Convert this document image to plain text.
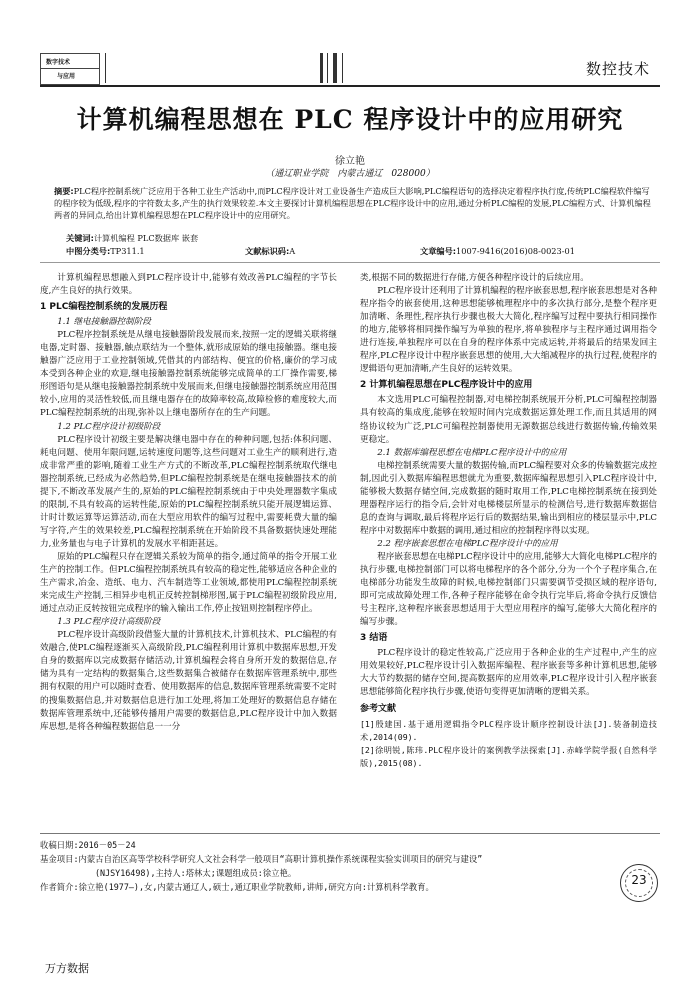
数字技术
与应用	数控技术
计算机编程思想在 PLC 程序设计中的应用研究
徐立艳
（通辽职业学院　内蒙古通辽　028000）
摘要:PLC程序控制系统广泛应用于各种工业生产活动中,而PLC程序设计对工业设备生产造成巨大影响,PLC编程语句的选择决定着程序执行度,传统PLC编程软件编写的程序较为低级,程序的字符数太多,产生的执行效果较差.本文主要探讨计算机编程思想在PLC程序设计中的应用,通过分析PLC编程的发展,PLC编程方式、计算机编程两者的异同点,给出计算机编程思想在PLC程序设计中的应用研究。
关键词:计算机编程 PLC数据库 嵌套
中图分类号:TP311.1	文献标识码:A	文章编号:1007-9416(2016)08-0023-01

计算机编程思想融入到PLC程序设计中,能够有效改善PLC编程的字节长度,产生良好的执行效果。

1 PLC编程控制系统的发展历程

1.1 继电接触器控制阶段

PLC程序控制系统是从继电接触器阶段发展而来,按照一定的逻辑关联将继电器,定时器、接触器,触点联结为一个整体,就形成原始的继电接触器。继电接触器广泛应用于工业控制领域,凭借其的内部结构、便宜的价格,廉价的学习成本受到各种企业的欢迎,继电接触器控制系统能够完成简单的工厂操作需要,梯形图语句是从继电接触器控制系统中发展而来,但继电接触器控制系统应用范围较小,应用的灵活性较低,而且继电器存在的故障率较高,故障检修的难度较大,而PLC编程控制系统的出现,弥补以上继电器所存在的生产问题。

1.2 PLC程序设计初级阶段

PLC程序设计初级主要是解决继电器中存在的种种问题,包括:体积问题、耗电问题、使用年限问题,运转速度问题等,这些问题对工业生产的顺利进行,造成非常严重的影响,随着工业生产方式的不断改革,PLC编程控制系统取代继电器控制系统,已经成为必然趋势,但PLC编程控制系统是在继电接触器技术的前提下,不断改革发展产生的,原始的PLC编程控制系统由于中央处理器数字集成的限制,不具有较高的运转性能,原始的PLC编程控制系统只能开展逻辑运算、计时计数运算等运算活动,而在大型应用软件的编写过程中,需要耗费大量的编写字符,产生的效果较差,PLC编程控制系统在开始阶段不具备数据快速处理能力,业务量也与电子计算机的发展水平相距甚远。

原始的PLC编程只存在逻辑关系较为简单的指令,通过简单的指令开展工业生产的控制工作。但PLC编程控制系统具有较高的稳定性,能够适应各种企业的生产需求,冶金、造纸、电力、汽车制造等工业领域,都使用PLC编程控制系统来完成生产控制,三相异步电机正反转控制梯形图,属于PLC编程初级阶段应用,通过点动正反转按钮完成程序的输入输出工作,停止按钮则控制程序停止。

1.3 PLC程序设计高级阶段

PLC程序设计高级阶段借鉴大量的计算机技术,计算机技术、PLC编程的有效融合,使PLC编程逐渐买入高级阶段,PLC编程利用计算机中数据库思想,开发自身的数据库以完成数据存储活动,计算机编程会将自身所开发的数据信息,存储为具有一定结构的数据集合,这些数据集合被储存在数据库管理系统中,那些拥有权限的用户可以随时查看、使用数据库的信息,数据库管理系统需要不定时的搜集数据信息,并对数据信息进行加工处理,将加工处理好的数据信息存储在数据库管理系统中,还能够传播用户需要的数据信息,PLC程序设计中加入数据库思想,是将各种编程数据信息一一分

类,根据不同的数据进行存储,方便各种程序设计的后续应用。

PLC程序设计还利用了计算机编程的程序嵌套思想,程序嵌套思想是对各种程序指令的嵌套使用,这种思想能够梳理程序中的多次执行部分,是整个程序更加清晰、条理性,程序执行步骤也极大大简化,程序编写过程中要执行相同操作的地方,能够将相同操作编写为单独的程序,将单独程序与主程序通过调用指令进行连接,单独程序可以在自身的程序体系中完成运转,并将最后的结果发回主程序,PLC程序设计中程序嵌套思想的使用,大大缩减程序的执行过程,使程序的逻辑语句更加清晰,产生良好的运转效果。

2 计算机编程思想在PLC程序设计中的应用

本文选用PLC可编程控制器,对电梯控制系统展开分析,PLC可编程控制器具有较高的集成度,能够在较短时间内完成数据运算处理工作,而且其适用的网络协议较为广泛,PLC可编程控制器使用无源数据总线进行数据传输,传输效果更稳定。

2.1 数据库编程思想在电梯PLC程序设计中的应用

电梯控制系统需要大量的数据传输,而PLC编程要对众多的传输数据完成控制,因此引入数据库编程思想就尤为重要,数据库编程思想引入PLC程序设计中,能够极大数据存储空间,完成数据的随时取用工作,PLC电梯控制系统在接到处理器程序运行的指令后,会针对电梯楼层所显示的检测信号,进行数据库数据信息的查询与调取,最后将程序运行后的数据结果,输出到相应的楼层显示中,PLC程序中对数据库中数据的调用,通过相应的控制程序得以实现。

2.2 程序嵌套思想在电梯PLC程序设计中的应用

程序嵌套思想在电梯PLC程序设计中的应用,能够大大简化电梯PLC程序的执行步骤,电梯控制部门可以将电梯程序的各个部分,分为一个个子程序集合,在电梯部分功能发生故障的时候,电梯控制部门只需要调节受损区域的程序语句,即可完成故障处理工作,各种子程序能够在命令执行完毕后,将命令执行反馈信号主程序,这种程序嵌套思想适用于大型应用程序的编写,能够大大简化程序的编写步骤。

3 结语

PLC程序设计的稳定性较高,广泛应用于各种企业的生产过程中,产生的应用效果较好,PLC程序设计引入数据库编程、程序嵌套等多种计算机思想,能够大大节约数据的储存空间,提高数据库的应用效率,PLC程序设计引入程序嵌套思想能够简化程序执行步骤,使语句变得更加清晰的逻辑关系。

参考文献

[1]殷建国.基于通用逻辑指令PLC程序设计顺序控制设计法[J].装备制造技术,2014(09).

[2]徐明锐,陈玮.PLC程序设计的案例教学法探索[J].赤峰学院学报(自然科学版),2015(08).

收稿日期:2016－05－24
基金项目:内蒙古自治区高等学校科学研究人文社会科学一般项目“高职计算机操作系统课程实验实训项目的研究与建设”
(NJSY16498),主持人:塔林太;课题组成员:徐立艳。
作者简介:徐立艳(1977—),女,内蒙古通辽人,硕士,通辽职业学院教师,讲师,研究方向:计算机科学教育。	23
万方数据
